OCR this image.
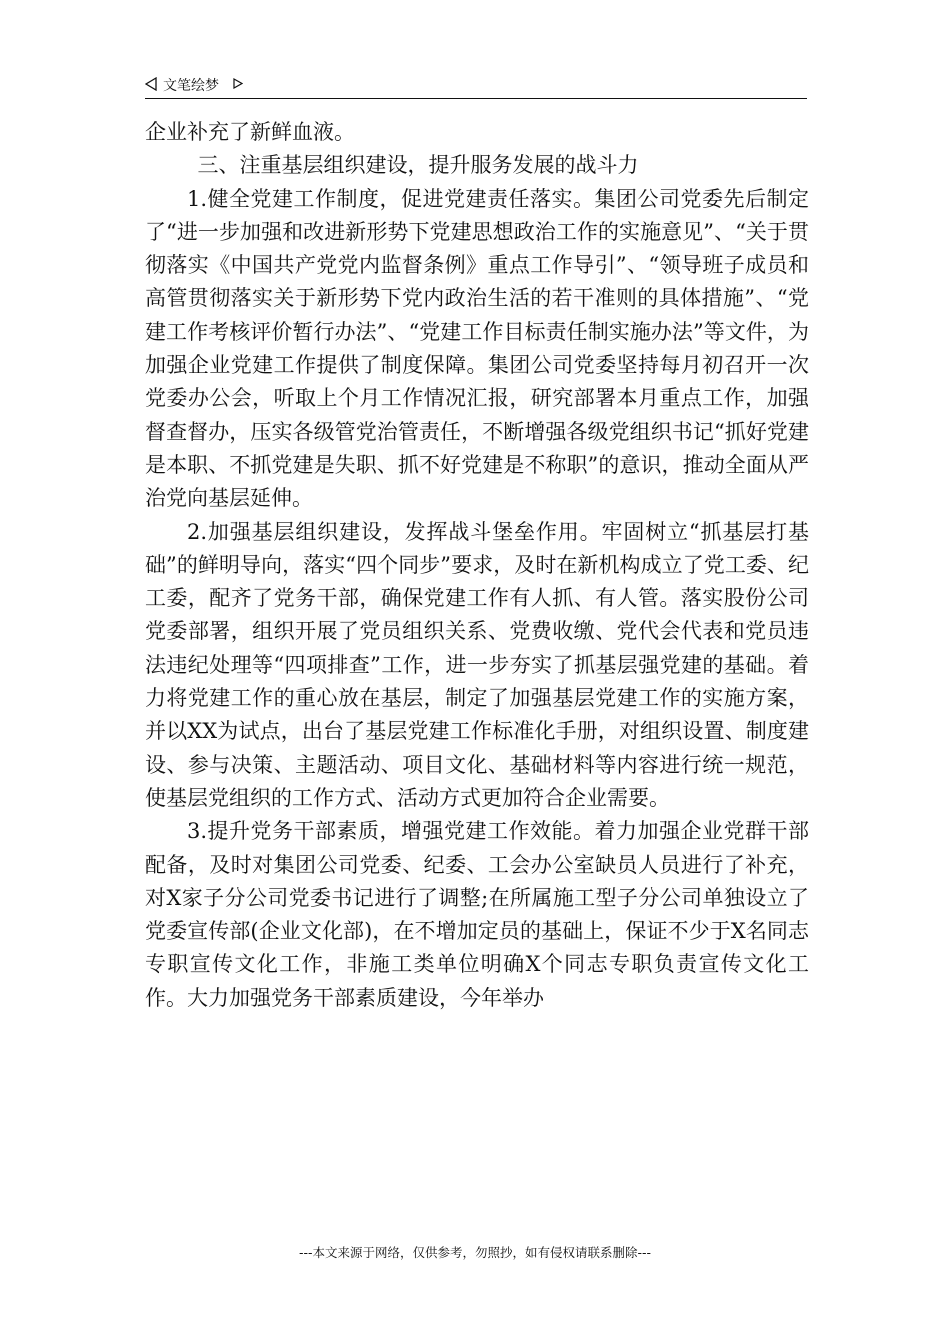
文笔绘梦

企业补充了新鲜血液。

三、注重基层组织建设，提升服务发展的战斗力

1.健全党建工作制度，促进党建责任落实。集团公司党委先后制定了“进一步加强和改进新形势下党建思想政治工作的实施意见”、“关于贯彻落实《中国共产党党内监督条例》重点工作导引”、“领导班子成员和高管贯彻落实关于新形势下党内政治生活的若干准则的具体措施”、“党建工作考核评价暂行办法”、“党建工作目标责任制实施办法”等文件，为加强企业党建工作提供了制度保障。集团公司党委坚持每月初召开一次党委办公会，听取上个月工作情况汇报，研究部署本月重点工作，加强督查督办，压实各级管党治管责任，不断增强各级党组织书记“抓好党建是本职、不抓党建是失职、抓不好党建是不称职”的意识，推动全面从严治党向基层延伸。

2.加强基层组织建设，发挥战斗堡垒作用。牢固树立“抓基层打基础”的鲜明导向，落实“四个同步”要求，及时在新机构成立了党工委、纪工委，配齐了党务干部，确保党建工作有人抓、有人管。落实股份公司党委部署，组织开展了党员组织关系、党费收缴、党代会代表和党员违法违纪处理等“四项排查”工作，进一步夯实了抓基层强党建的基础。着力将党建工作的重心放在基层，制定了加强基层党建工作的实施方案，并以XX为试点，出台了基层党建工作标准化手册，对组织设置、制度建设、参与决策、主题活动、项目文化、基础材料等内容进行统一规范，使基层党组织的工作方式、活动方式更加符合企业需要。

3.提升党务干部素质，增强党建工作效能。着力加强企业党群干部配备，及时对集团公司党委、纪委、工会办公室缺员人员进行了补充，对X家子分公司党委书记进行了调整;在所属施工型子分公司单独设立了党委宣传部(企业文化部)，在不增加定员的基础上，保证不少于X名同志专职宣传文化工作，非施工类单位明确X个同志专职负责宣传文化工作。大力加强党务干部素质建设，今年举办

---本文来源于网络，仅供参考，勿照抄，如有侵权请联系删除---
